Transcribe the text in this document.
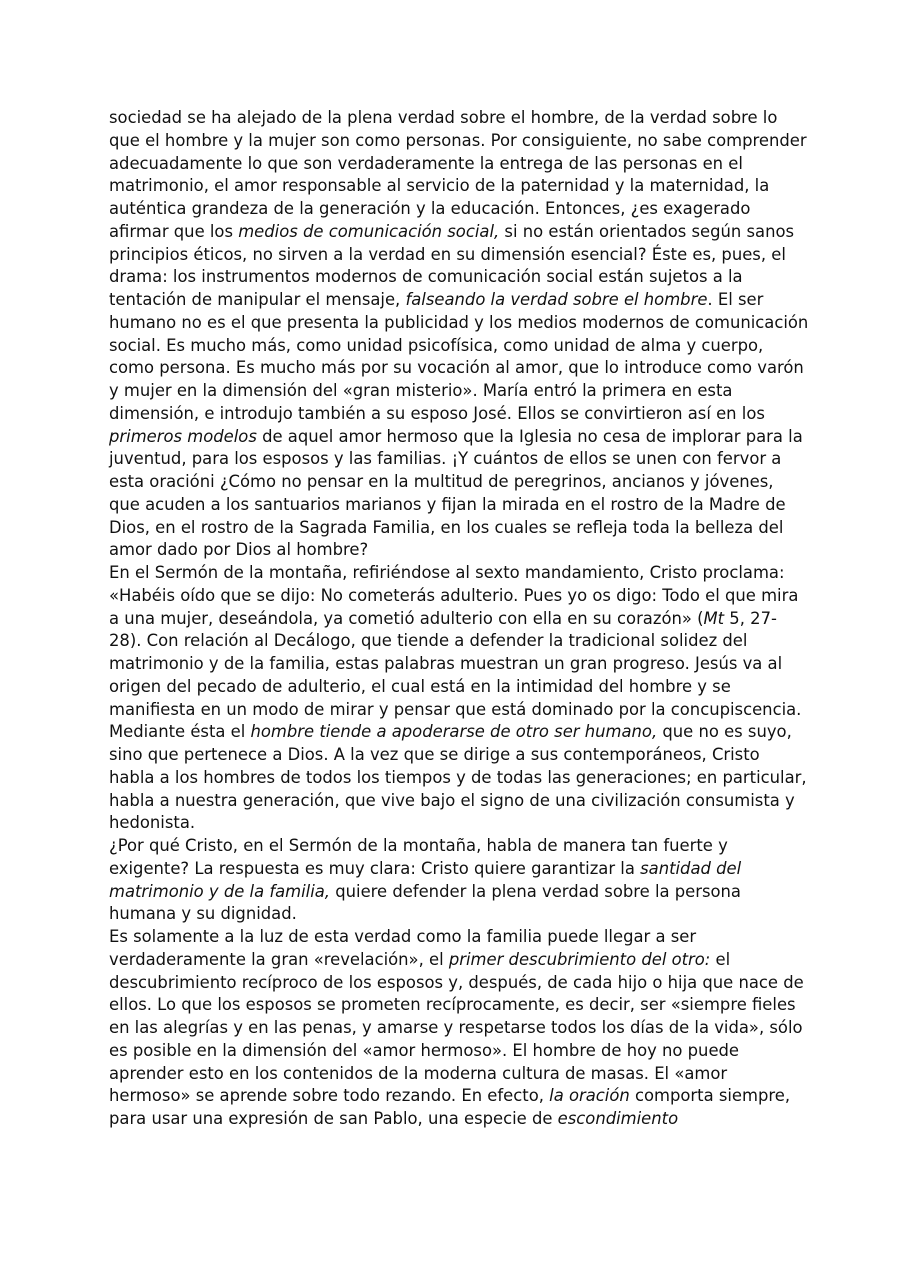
sociedad se ha alejado de la plena verdad sobre el hombre, de la verdad sobre lo que el hombre y la mujer son como personas. Por consiguiente, no sabe comprender adecuadamente lo que son verdaderamente la entrega de las personas en el matrimonio, el amor responsable al servicio de la paternidad y la maternidad, la auténtica grandeza de la generación y la educación. Entonces, ¿es exagerado afirmar que los medios de comunicación social, si no están orientados según sanos principios éticos, no sirven a la verdad en su dimensión esencial? Éste es, pues, el drama: los instrumentos modernos de comunicación social están sujetos a la tentación de manipular el mensaje, falseando la verdad sobre el hombre. El ser humano no es el que presenta la publicidad y los medios modernos de comunicación social. Es mucho más, como unidad psicofísica, como unidad de alma y cuerpo, como persona. Es mucho más por su vocación al amor, que lo introduce como varón y mujer en la dimensión del «gran misterio». María entró la primera en esta dimensión, e introdujo también a su esposo José. Ellos se convirtieron así en los primeros modelos de aquel amor hermoso que la Iglesia no cesa de implorar para la juventud, para los esposos y las familias. ¡Y cuántos de ellos se unen con fervor a esta oracióni ¿Cómo no pensar en la multitud de peregrinos, ancianos y jóvenes, que acuden a los santuarios marianos y fijan la mirada en el rostro de la Madre de Dios, en el rostro de la Sagrada Familia, en los cuales se refleja toda la belleza del amor dado por Dios al hombre?

En el Sermón de la montaña, refiriéndose al sexto mandamiento, Cristo proclama: «Habéis oído que se dijo: No cometerás adulterio. Pues yo os digo: Todo el que mira a una mujer, deseándola, ya cometió adulterio con ella en su corazón» (Mt 5, 27-28). Con relación al Decálogo, que tiende a defender la tradicional solidez del matrimonio y de la familia, estas palabras muestran un gran progreso. Jesús va al origen del pecado de adulterio, el cual está en la intimidad del hombre y se manifiesta en un modo de mirar y pensar que está dominado por la concupiscencia. Mediante ésta el hombre tiende a apoderarse de otro ser humano, que no es suyo, sino que pertenece a Dios. A la vez que se dirige a sus contemporáneos, Cristo habla a los hombres de todos los tiempos y de todas las generaciones; en particular, habla a nuestra generación, que vive bajo el signo de una civilización consumista y hedonista.

¿Por qué Cristo, en el Sermón de la montaña, habla de manera tan fuerte y exigente? La respuesta es muy clara: Cristo quiere garantizar la santidad del matrimonio y de la familia, quiere defender la plena verdad sobre la persona humana y su dignidad.

Es solamente a la luz de esta verdad como la familia puede llegar a ser verdaderamente la gran «revelación», el primer descubrimiento del otro: el descubrimiento recíproco de los esposos y, después, de cada hijo o hija que nace de ellos. Lo que los esposos se prometen recíprocamente, es decir, ser «siempre fieles en las alegrías y en las penas, y amarse y respetarse todos los días de la vida», sólo es posible en la dimensión del «amor hermoso». El hombre de hoy no puede aprender esto en los contenidos de la moderna cultura de masas. El «amor hermoso» se aprende sobre todo rezando. En efecto, la oración comporta siempre, para usar una expresión de san Pablo, una especie de escondimiento
